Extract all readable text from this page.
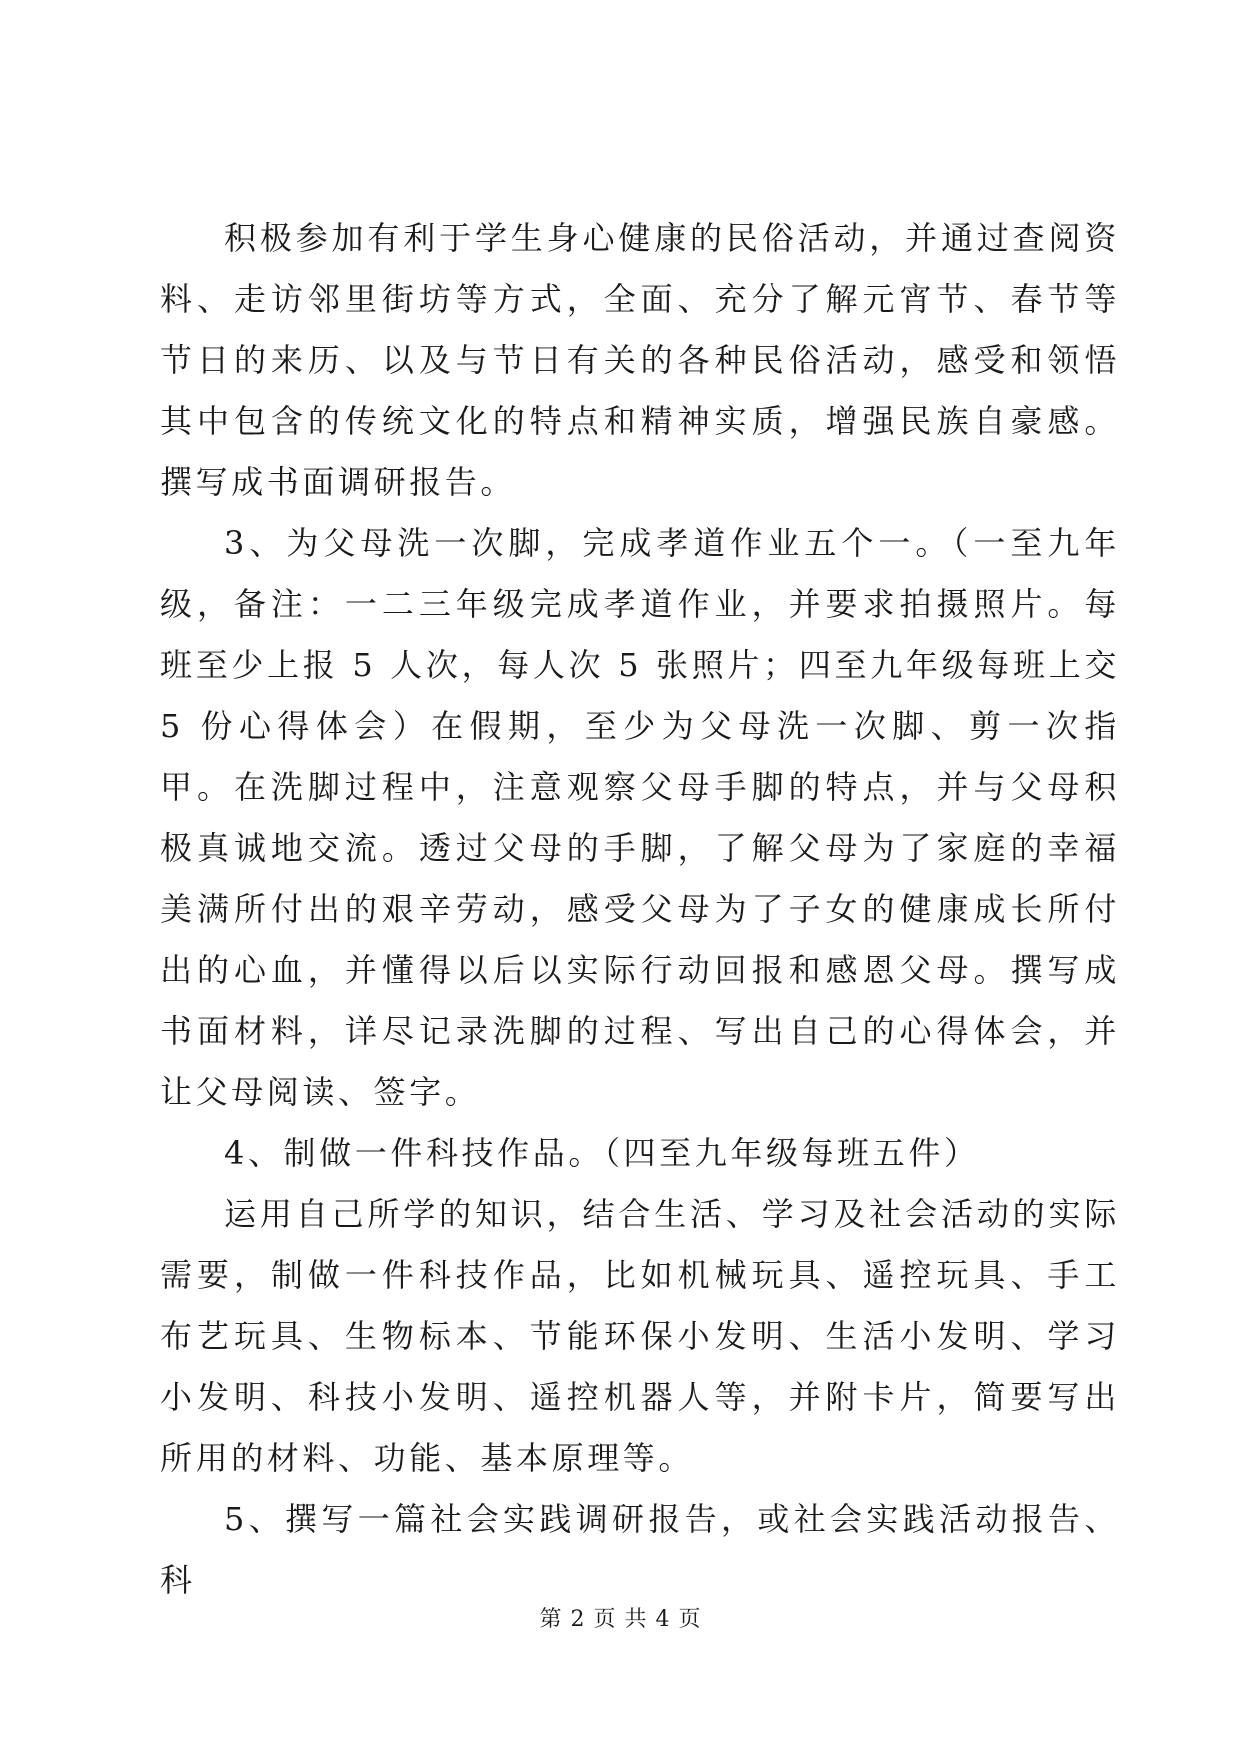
积极参加有利于学生身心健康的民俗活动，并通过查阅资料、走访邻里街坊等方式，全面、充分了解元宵节、春节等节日的来历、以及与节日有关的各种民俗活动，感受和领悟其中包含的传统文化的特点和精神实质，增强民族自豪感。撰写成书面调研报告。

3、为父母洗一次脚，完成孝道作业五个一。（一至九年级，备注：一二三年级完成孝道作业，并要求拍摄照片。每班至少上报 5 人次，每人次 5 张照片；四至九年级每班上交 5 份心得体会）在假期，至少为父母洗一次脚、剪一次指甲。在洗脚过程中，注意观察父母手脚的特点，并与父母积极真诚地交流。透过父母的手脚，了解父母为了家庭的幸福美满所付出的艰辛劳动，感受父母为了子女的健康成长所付出的心血，并懂得以后以实际行动回报和感恩父母。撰写成书面材料，详尽记录洗脚的过程、写出自己的心得体会，并让父母阅读、签字。

4、制做一件科技作品。（四至九年级每班五件）

运用自己所学的知识，结合生活、学习及社会活动的实际需要，制做一件科技作品，比如机械玩具、遥控玩具、手工布艺玩具、生物标本、节能环保小发明、生活小发明、学习小发明、科技小发明、遥控机器人等，并附卡片，简要写出所用的材料、功能、基本原理等。

5、撰写一篇社会实践调研报告，或社会实践活动报告、科

第 2 页 共 4 页
